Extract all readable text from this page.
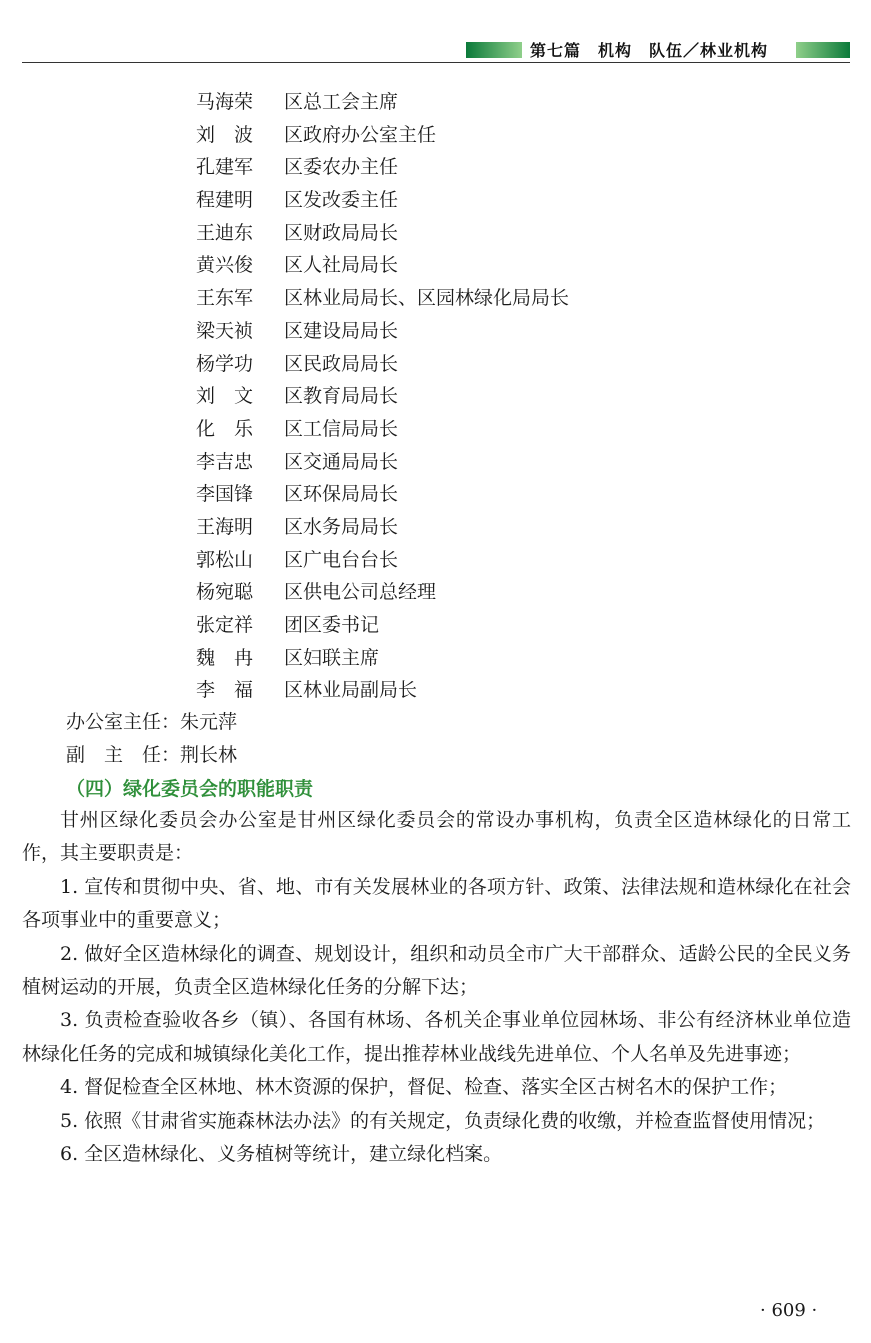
第七篇　机构　队伍／林业机构
马海荣 区总工会主席
刘　波 区政府办公室主任
孔建军 区委农办主任
程建明 区发改委主任
王迪东 区财政局局长
黄兴俊 区人社局局长
王东军 区林业局局长、区园林绿化局局长
梁天祯 区建设局局长
杨学功 区民政局局长
刘　文 区教育局局长
化　乐 区工信局局长
李吉忠 区交通局局长
李国锋 区环保局局长
王海明 区水务局局长
郭松山 区广电台台长
杨宛聪 区供电公司总经理
张定祥 团区委书记
魏　冉 区妇联主席
李　福 区林业局副局长
办公室主任：朱元萍
副　主　任：荆长林
（四）绿化委员会的职能职责

甘州区绿化委员会办公室是甘州区绿化委员会的常设办事机构，负责全区造林绿化的日常工作，其主要职责是：

1. 宣传和贯彻中央、省、地、市有关发展林业的各项方针、政策、法律法规和造林绿化在社会各项事业中的重要意义；

2. 做好全区造林绿化的调查、规划设计，组织和动员全市广大干部群众、适龄公民的全民义务植树运动的开展，负责全区造林绿化任务的分解下达；

3. 负责检查验收各乡（镇）、各国有林场、各机关企事业单位园林场、非公有经济林业单位造林绿化任务的完成和城镇绿化美化工作，提出推荐林业战线先进单位、个人名单及先进事迹；

4. 督促检查全区林地、林木资源的保护，督促、检查、落实全区古树名木的保护工作；

5. 依照《甘肃省实施森林法办法》的有关规定，负责绿化费的收缴，并检查监督使用情况；

6. 全区造林绿化、义务植树等统计，建立绿化档案。

· 609 ·
